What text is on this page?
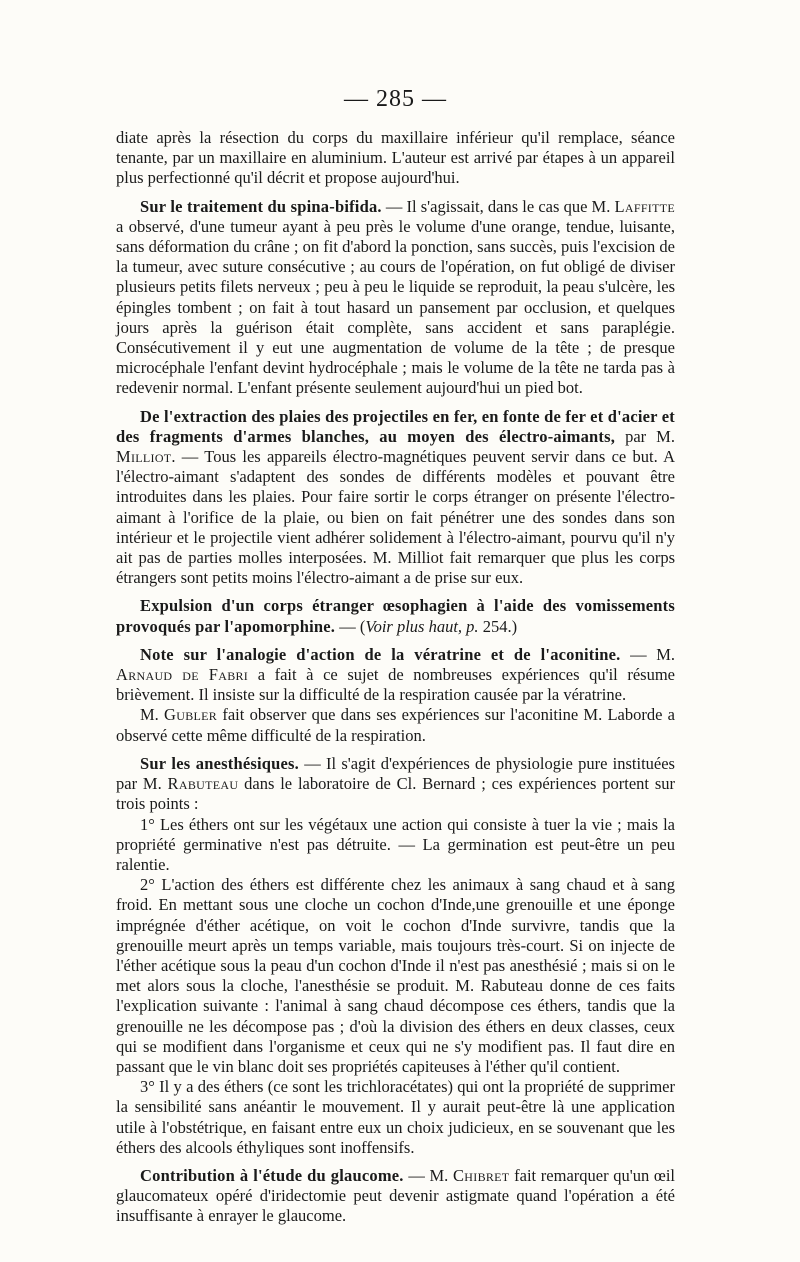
— 285 —

diate après la résection du corps du maxillaire inférieur qu'il remplace, séance tenante, par un maxillaire en aluminium. L'auteur est arrivé par étapes à un appareil plus perfectionné qu'il décrit et propose aujourd'hui.

Sur le traitement du spina-bifida. — Il s'agissait, dans le cas que M. Laffitte a observé, d'une tumeur ayant à peu près le volume d'une orange, tendue, luisante, sans déformation du crâne ; on fit d'abord la ponction, sans succès, puis l'excision de la tumeur, avec suture consécutive ; au cours de l'opération, on fut obligé de diviser plusieurs petits filets nerveux ; peu à peu le liquide se reproduit, la peau s'ulcère, les épingles tombent ; on fait à tout hasard un pansement par occlusion, et quelques jours après la guérison était complète, sans accident et sans paraplégie. Consécutivement il y eut une augmentation de volume de la tête ; de presque microcéphale l'enfant devint hydrocéphale ; mais le volume de la tête ne tarda pas à redevenir normal. L'enfant présente seulement aujourd'hui un pied bot.

De l'extraction des plaies des projectiles en fer, en fonte de fer et d'acier et des fragments d'armes blanches, au moyen des électro-aimants, par M. Milliot. — Tous les appareils électro-magnétiques peuvent servir dans ce but. A l'électro-aimant s'adaptent des sondes de différents modèles et pouvant être introduites dans les plaies. Pour faire sortir le corps étranger on présente l'électro-aimant à l'orifice de la plaie, ou bien on fait pénétrer une des sondes dans son intérieur et le projectile vient adhérer solidement à l'électro-aimant, pourvu qu'il n'y ait pas de parties molles interposées. M. Milliot fait remarquer que plus les corps étrangers sont petits moins l'électro-aimant a de prise sur eux.

Expulsion d'un corps étranger œsophagien à l'aide des vomissements provoqués par l'apomorphine. — (Voir plus haut, p. 254.)

Note sur l'analogie d'action de la vératrine et de l'aconitine. — M. Arnaud de Fabri a fait à ce sujet de nombreuses expériences qu'il résume brièvement. Il insiste sur la difficulté de la respiration causée par la vératrine.

M. Gubler fait observer que dans ses expériences sur l'aconitine M. Laborde a observé cette même difficulté de la respiration.

Sur les anesthésiques. — Il s'agit d'expériences de physiologie pure instituées par M. Rabuteau dans le laboratoire de Cl. Bernard ; ces expériences portent sur trois points :

1° Les éthers ont sur les végétaux une action qui consiste à tuer la vie ; mais la propriété germinative n'est pas détruite. — La germination est peut-être un peu ralentie.

2° L'action des éthers est différente chez les animaux à sang chaud et à sang froid. En mettant sous une cloche un cochon d'Inde,une grenouille et une éponge imprégnée d'éther acétique, on voit le cochon d'Inde survivre, tandis que la grenouille meurt après un temps variable, mais toujours très-court. Si on injecte de l'éther acétique sous la peau d'un cochon d'Inde il n'est pas anesthésié ; mais si on le met alors sous la cloche, l'anesthésie se produit. M. Rabuteau donne de ces faits l'explication suivante : l'animal à sang chaud décompose ces éthers, tandis que la grenouille ne les décompose pas ; d'où la division des éthers en deux classes, ceux qui se modifient dans l'organisme et ceux qui ne s'y modifient pas. Il faut dire en passant que le vin blanc doit ses propriétés capiteuses à l'éther qu'il contient.

3° Il y a des éthers (ce sont les trichloracétates) qui ont la propriété de supprimer la sensibilité sans anéantir le mouvement. Il y aurait peut-être là une application utile à l'obstétrique, en faisant entre eux un choix judicieux, en se souvenant que les éthers des alcools éthyliques sont inoffensifs.

Contribution à l'étude du glaucome. — M. Chibret fait remarquer qu'un œil glaucomateux opéré d'iridectomie peut devenir astigmate quand l'opération a été insuffisante à enrayer le glaucome.
